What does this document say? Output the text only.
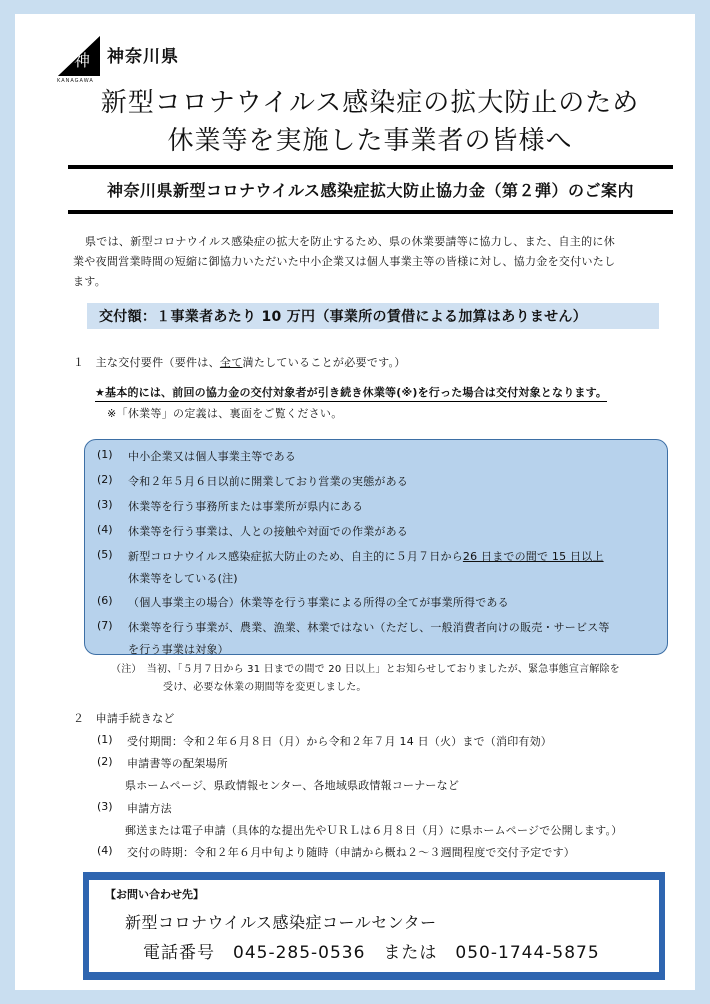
神 神奈川県
KANAGAWA
新型コロナウイルス感染症の拡大防止のため
休業等を実施した事業者の皆様へ
神奈川県新型コロナウイルス感染症拡大防止協力金（第２弾）のご案内
県では、新型コロナウイルス感染症の拡大を防止するため、県の休業要請等に協力し、また、自主的に休
業や夜間営業時間の短縮に御協力いただいた中小企業又は個人事業主等の皆様に対し、協力金を交付いたし
ます。
交付額：１事業者あたり 10 万円（事業所の賃借による加算はありません）
１　主な交付要件（要件は、全て満たしていることが必要です。）
★基本的には、前回の協力金の交付対象者が引き続き休業等(※)を行った場合は交付対象となります。
※「休業等」の定義は、裏面をご覧ください。
(1) 中小企業又は個人事業主等である
(2) 令和２年５月６日以前に開業しており営業の実態がある
(3) 休業等を行う事務所または事業所が県内にある
(4) 休業等を行う事業は、人との接触や対面での作業がある
(5) 新型コロナウイルス感染症拡大防止のため、自主的に５月７日から26 日までの間で 15 日以上
休業等をしている(注)
(6) （個人事業主の場合）休業等を行う事業による所得の全てが事業所得である
(7) 休業等を行う事業が、農業、漁業、林業ではない（ただし、一般消費者向けの販売・サービス等
を行う事業は対象）
（注）　当初、「５月７日から 31 日までの間で 20 日以上」とお知らせしておりましたが、緊急事態宣言解除を
受け、必要な休業の期間等を変更しました。
２　申請手続きなど
(1) 受付期間：令和２年６月８日（月）から令和２年７月 14 日（火）まで（消印有効）
(2) 申請書等の配架場所
県ホームページ、県政情報センター、各地域県政情報コーナーなど
(3) 申請方法
郵送または電子申請（具体的な提出先やＵＲＬは６月８日（月）に県ホームページで公開します。）
(4) 交付の時期：令和２年６月中旬より随時（申請から概ね２～３週間程度で交付予定です）
【お問い合わせ先】
新型コロナウイルス感染症コールセンター
電話番号　045-285-0536　または　050-1744-5875
